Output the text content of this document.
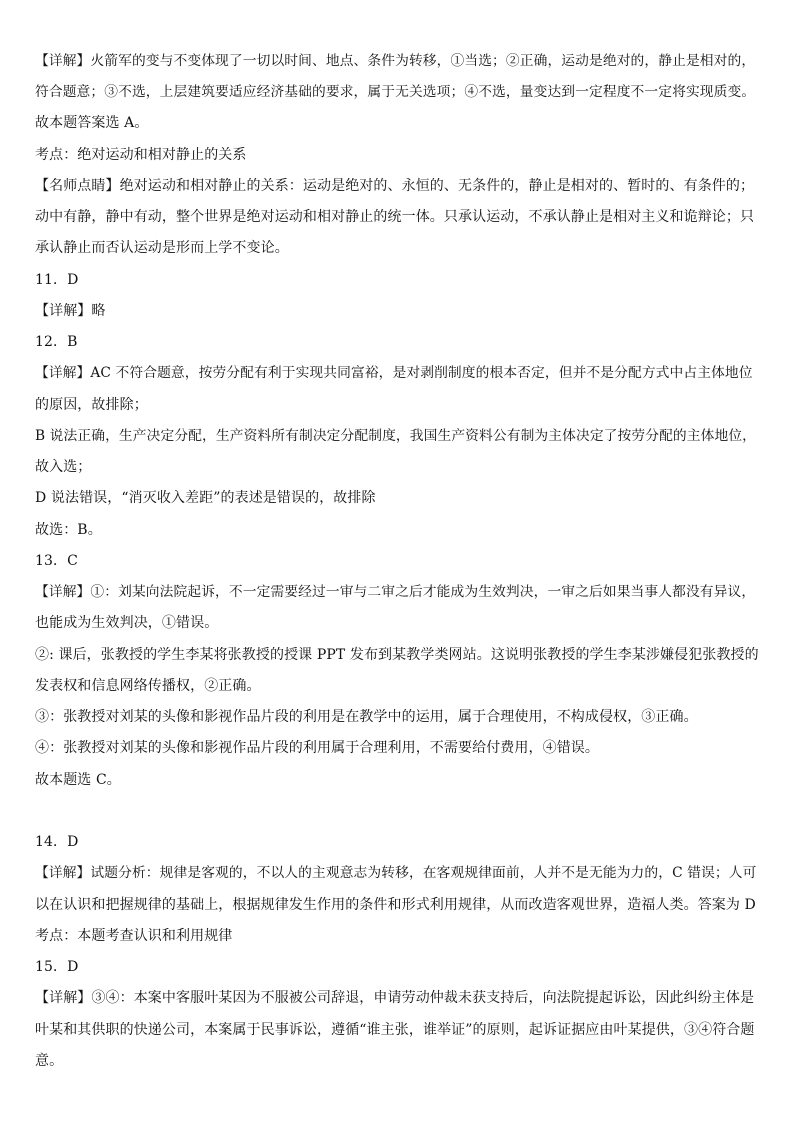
【详解】火箭军的变与不变体现了一切以时间、地点、条件为转移，①当选；②正确，运动是绝对的，静止是相对的，
符合题意；③不选，上层建筑要适应经济基础的要求，属于无关选项；④不选，量变达到一定程度不一定将实现质变。
故本题答案选 A。
考点：绝对运动和相对静止的关系
【名师点睛】绝对运动和相对静止的关系：运动是绝对的、永恒的、无条件的，静止是相对的、暂时的、有条件的；
动中有静，静中有动，整个世界是绝对运动和相对静止的统一体。只承认运动，不承认静止是相对主义和诡辩论；只
承认静止而否认运动是形而上学不变论。
11．D
【详解】略
12．B
【详解】AC 不符合题意，按劳分配有利于实现共同富裕，是对剥削制度的根本否定，但并不是分配方式中占主体地位
的原因，故排除；
B 说法正确，生产决定分配，生产资料所有制决定分配制度，我国生产资料公有制为主体决定了按劳分配的主体地位，
故入选；
D 说法错误，“消灭收入差距”的表述是错误的，故排除
故选：B。
13．C
【详解】①：刘某向法院起诉，不一定需要经过一审与二审之后才能成为生效判决，一审之后如果当事人都没有异议，
也能成为生效判决，①错误。
②: 课后，张教授的学生李某将张教授的授课 PPT 发布到某教学类网站。这说明张教授的学生李某涉嫌侵犯张教授的
发表权和信息网络传播权，②正确。
③：张教授对刘某的头像和影视作品片段的利用是在教学中的运用，属于合理使用，不构成侵权，③正确。
④：张教授对刘某的头像和影视作品片段的利用属于合理利用，不需要给付费用，④错误。
故本题选 C。
14．D
【详解】试题分析：规律是客观的，不以人的主观意志为转移，在客观规律面前，人并不是无能为力的，C 错误；人可
以在认识和把握规律的基础上，根据规律发生作用的条件和形式利用规律，从而改造客观世界，造福人类。答案为 D
考点：本题考查认识和利用规律
15．D
【详解】③④：本案中客服叶某因为不服被公司辞退，申请劳动仲裁未获支持后，向法院提起诉讼，因此纠纷主体是
叶某和其供职的快递公司，本案属于民事诉讼，遵循“谁主张，谁举证”的原则，起诉证据应由叶某提供，③④符合题
意。
